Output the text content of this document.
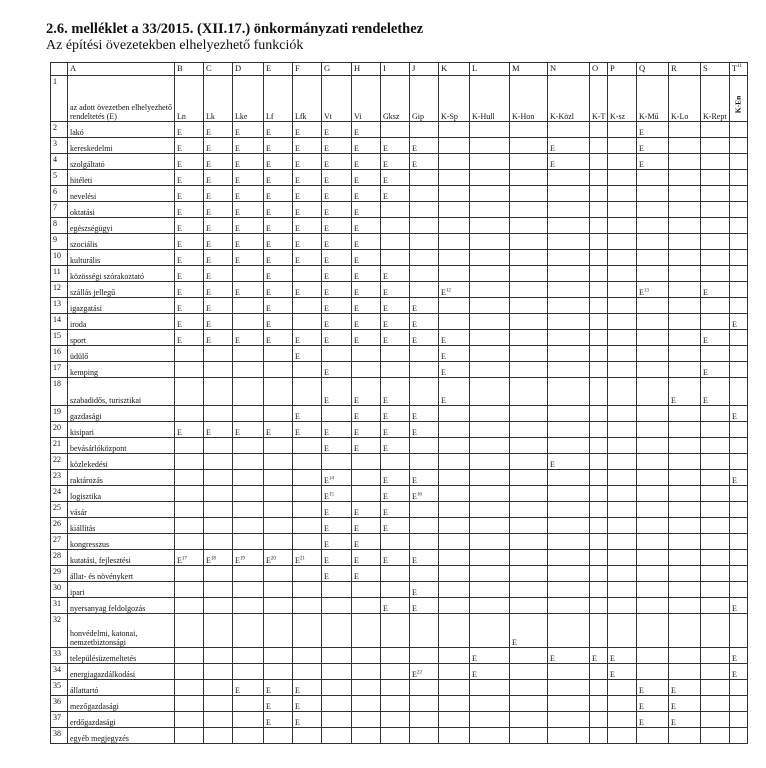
2.6. melléklet a 33/2015. (XII.17.) önkormányzati rendelethez
Az építési övezetekben elhelyezhető funkciók
	A	B	C	D	E	F	G	H	I	J	K	L	M	N	O	P	Q	R	S	$T^{11}$
1	az adott övezetben elhelyezhető rendeltetés (E)	Ln	Lk	Lke	Lf	Lfk	Vt	Vi	Gksz	Gip	K-Sp	K-Hull	K-Hon	K-Közl	K-T	K-sz	K-Mű	K-Lo	K-Rept	K-En

2	lakó	E	E	E	E	E	E	E									E			
3	kereskedelmi	E	E	E	E	E	E	E	E	E				E			E			
4	szolgáltató	E	E	E	E	E	E	E	E	E				E			E			
5	hitéleti	E	E	E	E	E	E	E	E											
6	nevelési	E	E	E	E	E	E	E	E											
7	oktatási	E	E	E	E	E	E	E												
8	egészségügyi	E	E	E	E	E	E	E												
9	szociális	E	E	E	E	E	E	E												
10	kulturális	E	E	E	E	E	E	E												
11	közösségi szórakoztató	E	E		E		E	E	E											
12	szállás jellegű	E	E	E	E	E	E	E	E		$E^{12}$						$E^{13}$		E	
13	igazgatási	E	E		E		E	E	E	E										
14	iroda	E	E		E		E	E	E	E										E
15	sport	E	E	E	E	E	E	E	E	E	E								E	
16	üdülő					E					E									
17	kemping						E				E								E	
18	szabadidős, turisztikai						E	E	E		E							E	E	
19	gazdasági					E		E	E	E										E
20	kisipari	E	E	E	E	E	E	E	E	E										
21	bevásárlóközpont						E	E	E											
22	közlekedési													E						
23	raktározás						$E^{14}$		E	E										E
24	logisztika						$E^{15}$		E	$E^{16}$										
25	vásár						E	E	E											
26	kiállítás						E	E	E											
27	kongresszus						E	E												
28	kutatási, fejlesztési	$E^{17}$	$E^{18}$	$E^{19}$	$E^{20}$	$E^{21}$	E	E	E	E										
29	állat- és növénykert						E	E												
30	ipari									E										
31	nyersanyag feldolgozás								E	E										E
32	honvédelmi, katonai, nemzetbiztonsági												E							
33	településüzemeltetés											E		E	E	E				E
34	energiagazdálkodási									$E^{22}$		E				E				E
35	állattartó			E	E	E											E	E		
36	mezőgazdasági				E	E											E	E		
37	erdőgazdasági				E	E											E	E		
38	egyéb megjegyzés																			
